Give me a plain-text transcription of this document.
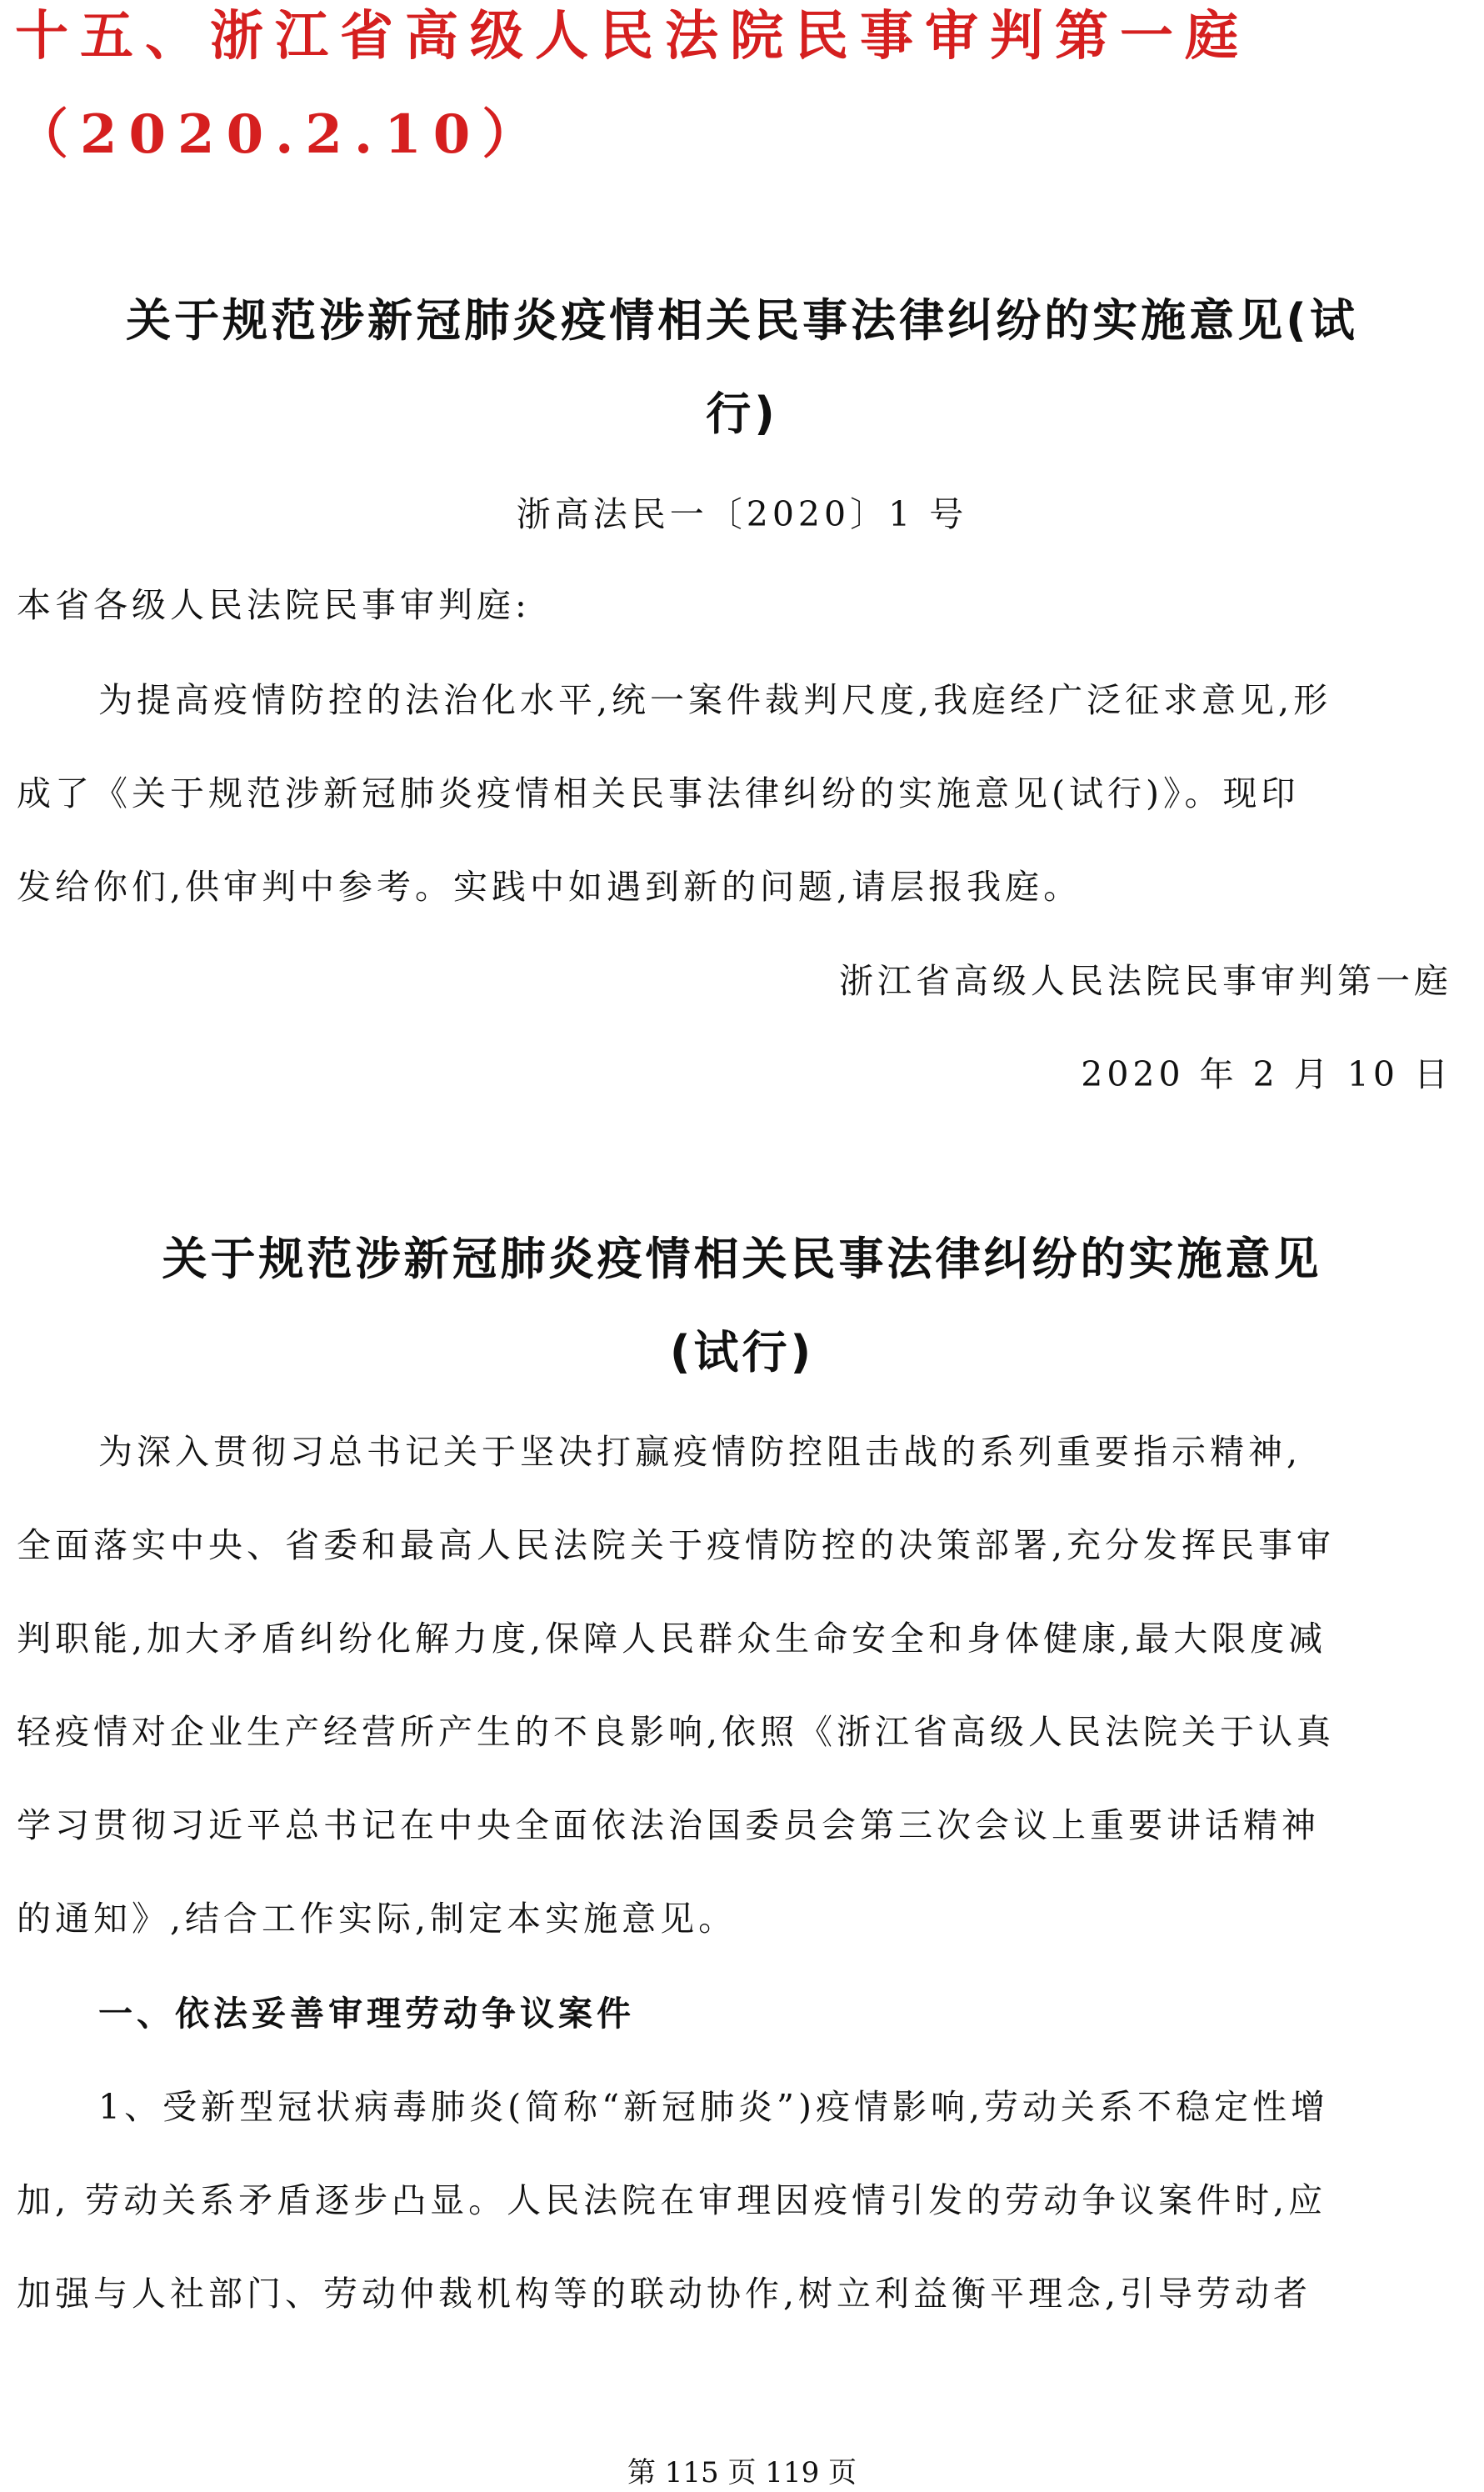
十五、浙江省高级人民法院民事审判第一庭
（2020.2.10）
关于规范涉新冠肺炎疫情相关民事法律纠纷的实施意见(试
行)
浙高法民一〔2020〕1 号
本省各级人民法院民事审判庭:
为提高疫情防控的法治化水平,统一案件裁判尺度,我庭经广泛征求意见,形
成了《关于规范涉新冠肺炎疫情相关民事法律纠纷的实施意见(试行)》。现印
发给你们,供审判中参考。实践中如遇到新的问题,请层报我庭。
浙江省高级人民法院民事审判第一庭
2020 年 2 月 10 日
关于规范涉新冠肺炎疫情相关民事法律纠纷的实施意见
(试行)
为深入贯彻习总书记关于坚决打赢疫情防控阻击战的系列重要指示精神,
全面落实中央、省委和最高人民法院关于疫情防控的决策部署,充分发挥民事审
判职能,加大矛盾纠纷化解力度,保障人民群众生命安全和身体健康,最大限度减
轻疫情对企业生产经营所产生的不良影响,依照《浙江省高级人民法院关于认真
学习贯彻习近平总书记在中央全面依法治国委员会第三次会议上重要讲话精神
的通知》,结合工作实际,制定本实施意见。
一、依法妥善审理劳动争议案件
1、受新型冠状病毒肺炎(简称“新冠肺炎”)疫情影响,劳动关系不稳定性增
加, 劳动关系矛盾逐步凸显。人民法院在审理因疫情引发的劳动争议案件时,应
加强与人社部门、劳动仲裁机构等的联动协作,树立利益衡平理念,引导劳动者
第 115 页 119 页
